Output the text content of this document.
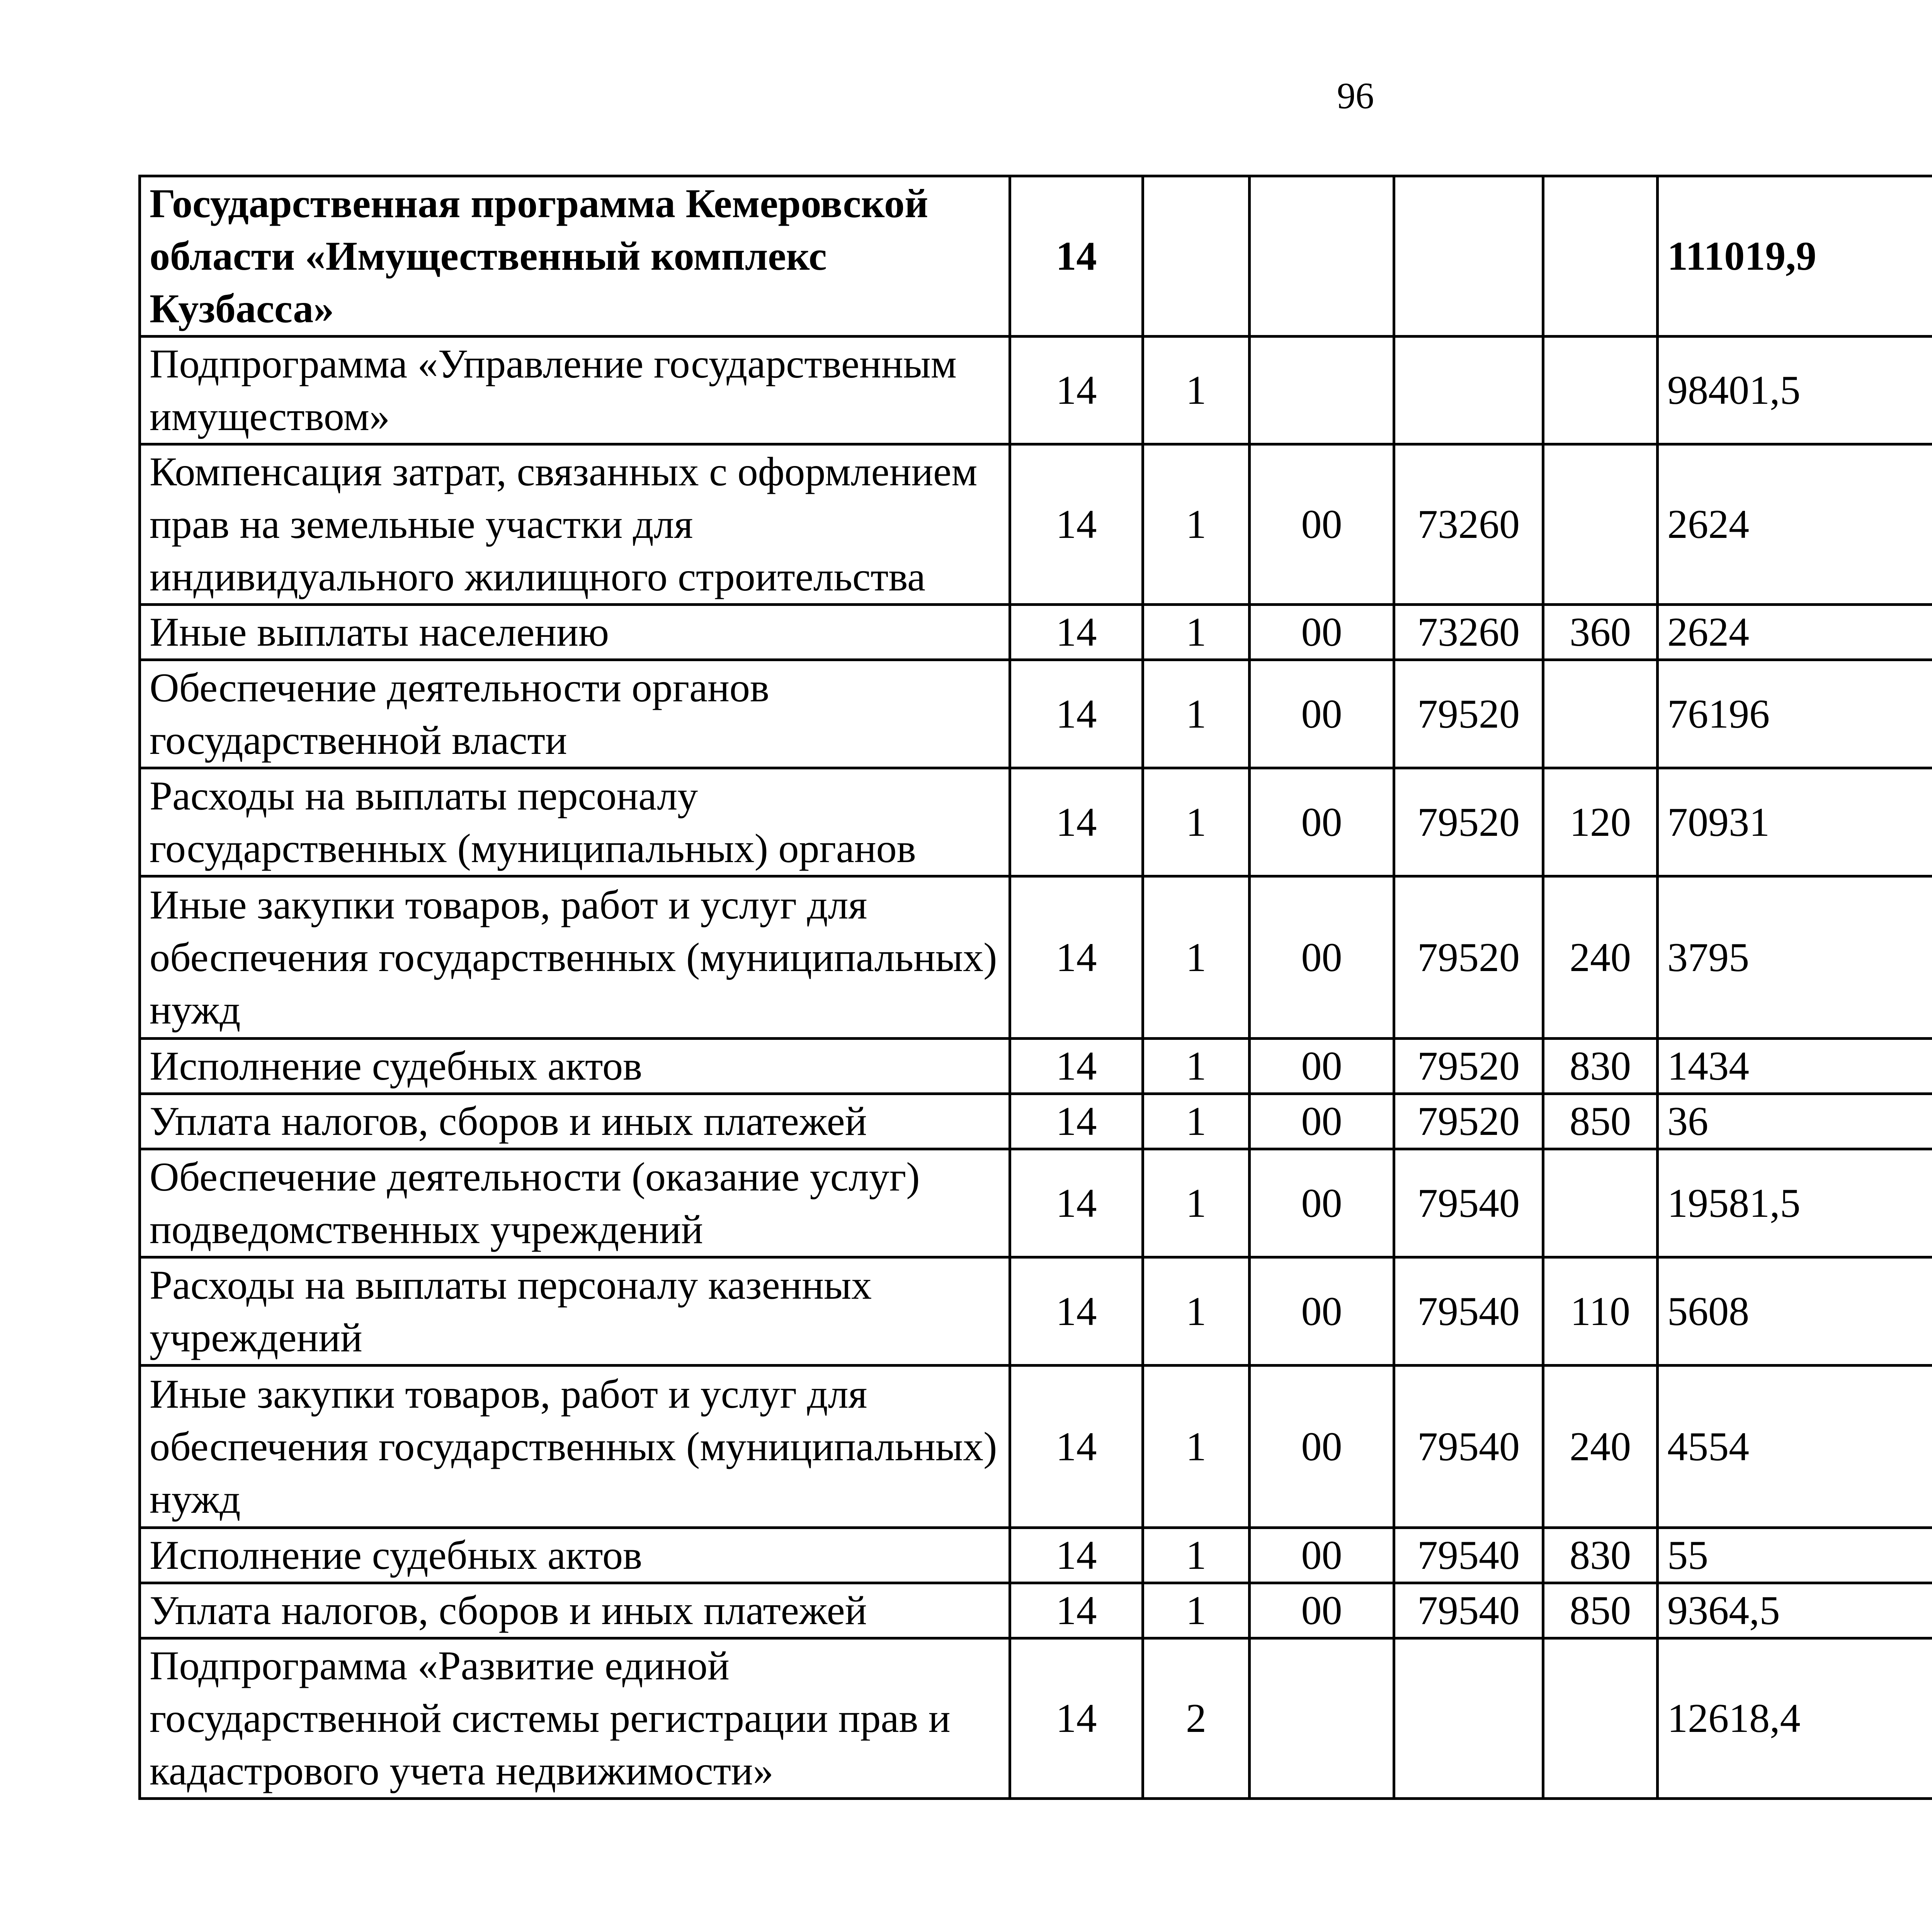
96
Государственная программа Кемеровской области «Имущественный комплекс Кузбасса»	14					111019,9		
Подпрограмма «Управление государственным имуществом»	14	1				98401,5		
Компенсация затрат, связанных с оформлением прав на земельные участки для индивидуального жилищного строительства	14	1	00	73260		2624		
Иные выплаты населению	14	1	00	73260	360	2624		
Обеспечение деятельности органов государственной власти	14	1	00	79520		76196		
Расходы на выплаты персоналу государственных (муниципальных) органов	14	1	00	79520	120	70931		
Иные закупки товаров, работ и услуг для обеспечения государственных (муниципальных) нужд	14	1	00	79520	240	3795		
Исполнение судебных актов	14	1	00	79520	830	1434		
Уплата налогов, сборов и иных платежей	14	1	00	79520	850	36		
Обеспечение деятельности (оказание услуг) подведомственных учреждений	14	1	00	79540		19581,5		
Расходы на выплаты персоналу казенных учреждений	14	1	00	79540	110	5608		
Иные закупки товаров, работ и услуг для обеспечения государственных (муниципальных) нужд	14	1	00	79540	240	4554		
Исполнение судебных актов	14	1	00	79540	830	55		
Уплата налогов, сборов и иных платежей	14	1	00	79540	850	9364,5		
Подпрограмма «Развитие единой государственной системы регистрации прав и кадастрового учета недвижимости»	14	2				12618,4		
